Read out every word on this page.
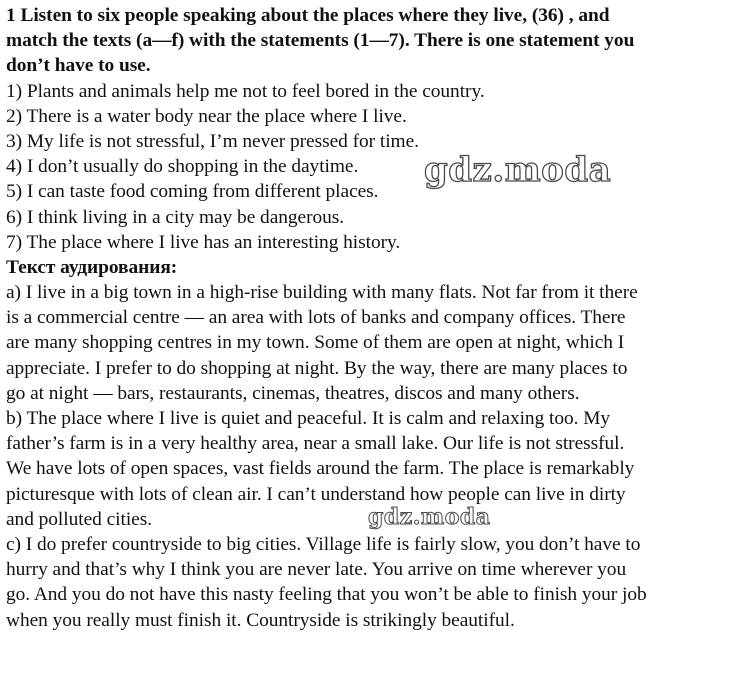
1 Listen to six people speaking about the places where they live, (36) , and
match the texts (a—f) with the statements (1—7). There is one statement you
don’t have to use.
1) Plants and animals help me not to feel bored in the country.
2) There is a water body near the place where I live.
3) My life is not stressful, I’m never pressed for time.
4) I don’t usually do shopping in the daytime.
5) I can taste food coming from different places.
6) I think living in a city may be dangerous.
7) The place where I live has an interesting history.
Текст аудирования:
a) I live in a big town in a high-rise building with many flats. Not far from it there
is a commercial centre — an area with lots of banks and company offices. There
are many shopping centres in my town. Some of them are open at night, which I
appreciate. I prefer to do shopping at night. By the way, there are many places to
go at night — bars, restaurants, cinemas, theatres, discos and many others.
b) The place where I live is quiet and peaceful. It is calm and relaxing too. My
father’s farm is in a very healthy area, near a small lake. Our life is not stressful.
We have lots of open spaces, vast fields around the farm. The place is remarkably
picturesque with lots of clean air. I can’t understand how people can live in dirty
and polluted cities.
c) I do prefer countryside to big cities. Village life is fairly slow, you don’t have to
hurry and that’s why I think you are never late. You arrive on time wherever you
go. And you do not have this nasty feeling that you won’t be able to finish your job
when you really must finish it. Countryside is strikingly beautiful.
gdz.moda
gdz.moda
